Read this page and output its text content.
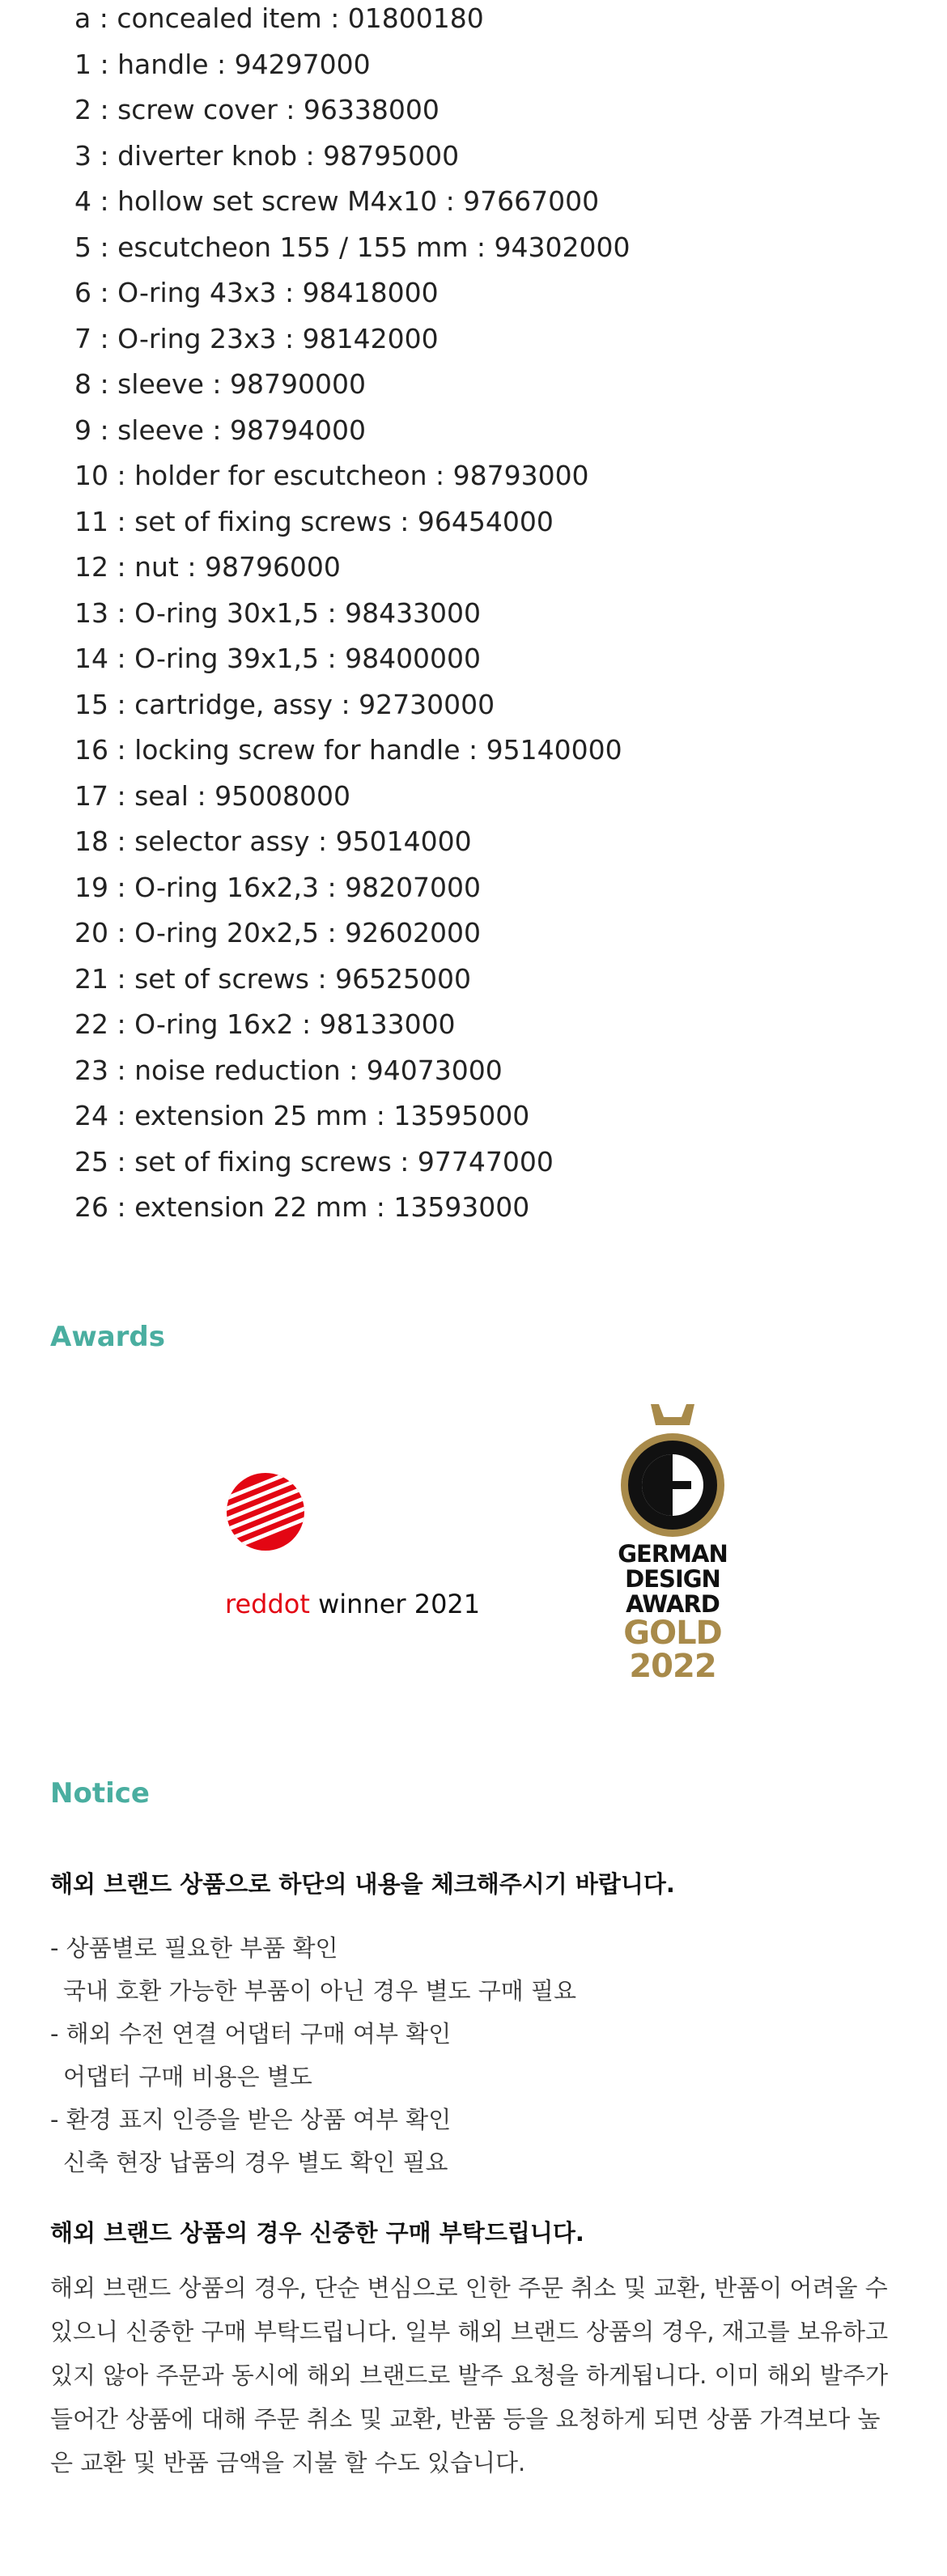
a : concealed item : 01800180
1 : handle : 94297000
2 : screw cover : 96338000
3 : diverter knob : 98795000
4 : hollow set screw M4x10 : 97667000
5 : escutcheon 155 / 155 mm : 94302000
6 : O-ring 43x3 : 98418000
7 : O-ring 23x3 : 98142000
8 : sleeve : 98790000
9 : sleeve : 98794000
10 : holder for escutcheon : 98793000
11 : set of fixing screws : 96454000
12 : nut : 98796000
13 : O-ring 30x1,5 : 98433000
14 : O-ring 39x1,5 : 98400000
15 : cartridge, assy : 92730000
16 : locking screw for handle : 95140000
17 : seal : 95008000
18 : selector assy : 95014000
19 : O-ring 16x2,3 : 98207000
20 : O-ring 20x2,5 : 92602000
21 : set of screws : 96525000
22 : O-ring 16x2 : 98133000
23 : noise reduction : 94073000
24 : extension 25 mm : 13595000
25 : set of fixing screws : 97747000
26 : extension 22 mm : 13593000
Awards
reddot winner 2021
GERMAN
DESIGN
AWARD
GOLD
2022
Notice

해외 브랜드 상품으로 하단의 내용을 체크해주시기 바랍니다.

- 상품별로 필요한 부품 확인

국내 호환 가능한 부품이 아닌 경우 별도 구매 필요

- 해외 수전 연결 어댑터 구매 여부 확인

어댑터 구매 비용은 별도

- 환경 표지 인증을 받은 상품 여부 확인

신축 현장 납품의 경우 별도 확인 필요

해외 브랜드 상품의 경우 신중한 구매 부탁드립니다.

해외 브랜드 상품의 경우, 단순 변심으로 인한 주문 취소 및 교환, 반품이 어려울 수 있으니 신중한 구매 부탁드립니다. 일부 해외 브랜드 상품의 경우, 재고를 보유하고 있지 않아 주문과 동시에 해외 브랜드로 발주 요청을 하게됩니다. 이미 해외 발주가 들어간 상품에 대해 주문 취소 및 교환, 반품 등을 요청하게 되면 상품 가격보다 높은 교환 및 반품 금액을 지불 할 수도 있습니다.
